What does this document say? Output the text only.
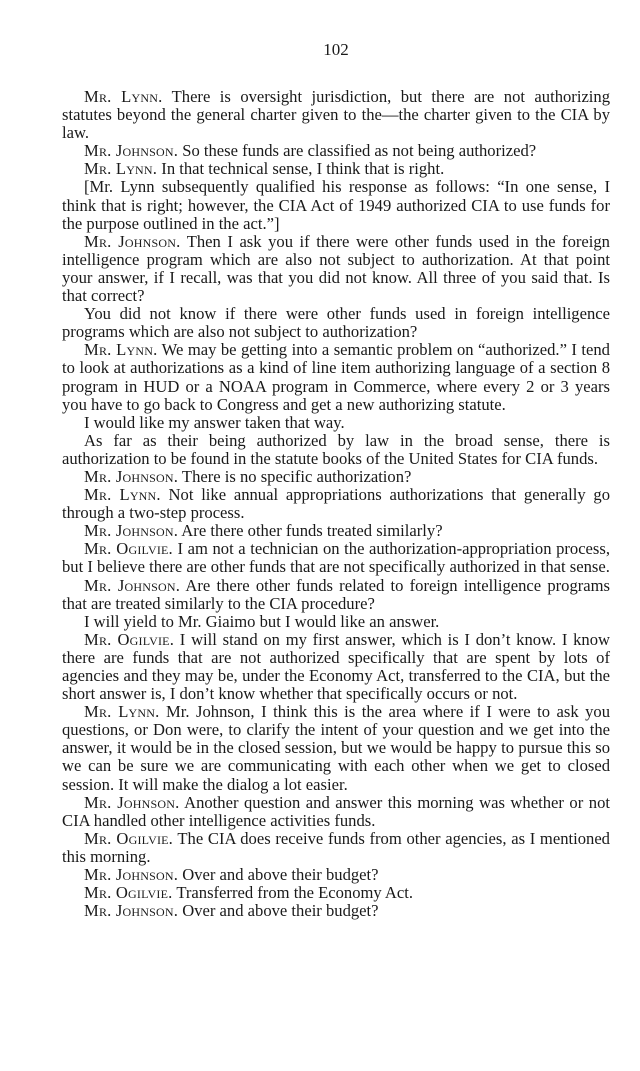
102

Mr. Lynn. There is oversight jurisdiction, but there are not authorizing statutes beyond the general charter given to the—the charter given to the CIA by law.

Mr. Johnson. So these funds are classified as not being authorized?

Mr. Lynn. In that technical sense, I think that is right.

[Mr. Lynn subsequently qualified his response as follows: “In one sense, I think that is right; however, the CIA Act of 1949 authorized CIA to use funds for the purpose outlined in the act.”]

Mr. Johnson. Then I ask you if there were other funds used in the foreign intelligence program which are also not subject to authorization. At that point your answer, if I recall, was that you did not know. All three of you said that. Is that correct?

You did not know if there were other funds used in foreign intelligence programs which are also not subject to authorization?

Mr. Lynn. We may be getting into a semantic problem on “authorized.” I tend to look at authorizations as a kind of line item authorizing language of a section 8 program in HUD or a NOAA program in Commerce, where every 2 or 3 years you have to go back to Congress and get a new authorizing statute.

I would like my answer taken that way.

As far as their being authorized by law in the broad sense, there is authorization to be found in the statute books of the United States for CIA funds.

Mr. Johnson. There is no specific authorization?

Mr. Lynn. Not like annual appropriations authorizations that generally go through a two-step process.

Mr. Johnson. Are there other funds treated similarly?

Mr. Ogilvie. I am not a technician on the authorization-appropriation process, but I believe there are other funds that are not specifically authorized in that sense.

Mr. Johnson. Are there other funds related to foreign intelligence programs that are treated similarly to the CIA procedure?

I will yield to Mr. Giaimo but I would like an answer.

Mr. Ogilvie. I will stand on my first answer, which is I don’t know. I know there are funds that are not authorized specifically that are spent by lots of agencies and they may be, under the Economy Act, transferred to the CIA, but the short answer is, I don’t know whether that specifically occurs or not.

Mr. Lynn. Mr. Johnson, I think this is the area where if I were to ask you questions, or Don were, to clarify the intent of your question and we get into the answer, it would be in the closed session, but we would be happy to pursue this so we can be sure we are communicating with each other when we get to closed session. It will make the dialog a lot easier.

Mr. Johnson. Another question and answer this morning was whether or not CIA handled other intelligence activities funds.

Mr. Ogilvie. The CIA does receive funds from other agencies, as I mentioned this morning.

Mr. Johnson. Over and above their budget?

Mr. Ogilvie. Transferred from the Economy Act.

Mr. Johnson. Over and above their budget?
